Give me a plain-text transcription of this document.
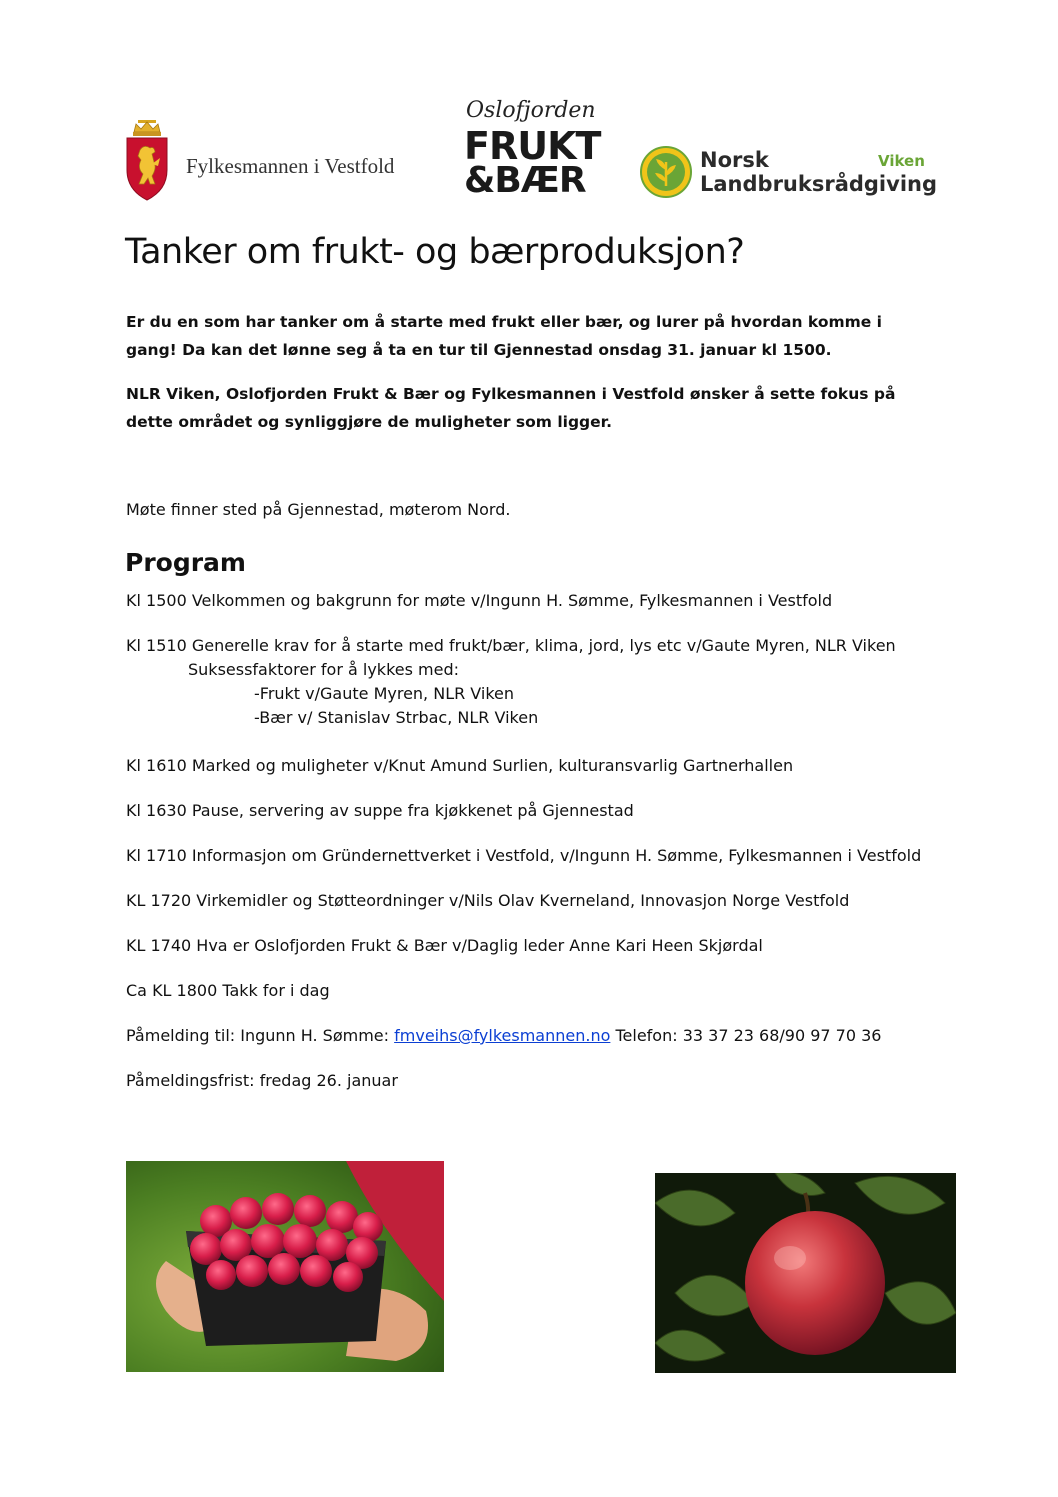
Fylkesmannen i Vestfold
Oslofjorden
FRUKT
&BÆR	Norsk
Landbruksrådgiving
Viken
Tanker om frukt- og bærproduksjon?
Er du en som har tanker om å starte med frukt eller bær, og lurer på hvordan komme i gang! Da kan det lønne seg å ta en tur til Gjennestad onsdag 31. januar kl 1500.
NLR Viken, Oslofjorden Frukt & Bær og Fylkesmannen i Vestfold ønsker å sette fokus på dette området og synliggjøre de muligheter som ligger.
Møte finner sted på Gjennestad, møterom Nord.
Program
Kl 1500 Velkommen og bakgrunn for møte v/Ingunn H. Sømme, Fylkesmannen i Vestfold
Kl 1510 Generelle krav for å starte med frukt/bær, klima, jord, lys etc v/Gaute Myren, NLR Viken
Suksessfaktorer for å lykkes med:
-Frukt v/Gaute Myren, NLR Viken
-Bær v/ Stanislav Strbac, NLR Viken
Kl 1610 Marked og muligheter v/Knut Amund Surlien, kulturansvarlig Gartnerhallen
Kl 1630 Pause, servering av suppe fra kjøkkenet på Gjennestad
Kl 1710 Informasjon om Gründernettverket i Vestfold, v/Ingunn H. Sømme, Fylkesmannen i Vestfold
KL 1720 Virkemidler og Støtteordninger v/Nils Olav Kverneland, Innovasjon Norge Vestfold
KL 1740 Hva er Oslofjorden Frukt & Bær v/Daglig leder Anne Kari Heen Skjørdal
Ca KL 1800 Takk for i dag
Påmelding til: Ingunn H. Sømme: fmveihs@fylkesmannen.no Telefon: 33 37 23 68/90 97 70 36
Påmeldingsfrist: fredag 26. januar
